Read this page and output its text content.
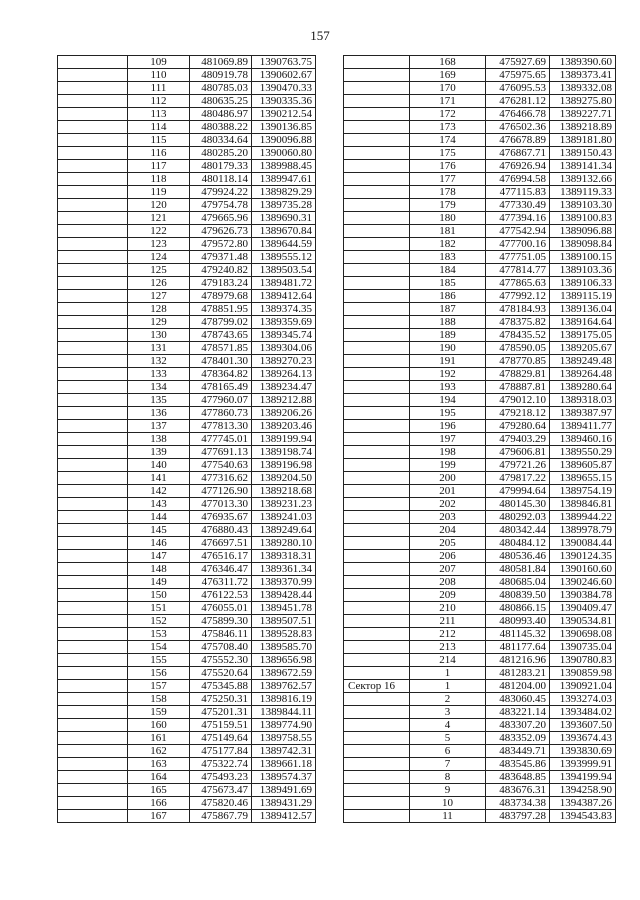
157
	109	481069.89	1390763.75
	110	480919.78	1390602.67
	111	480785.03	1390470.33
	112	480635.25	1390335.36
	113	480486.97	1390212.54
	114	480388.22	1390136.85
	115	480334.64	1390096.88
	116	480285.20	1390060.80
	117	480179.33	1389988.45
	118	480118.14	1389947.61
	119	479924.22	1389829.29
	120	479754.78	1389735.28
	121	479665.96	1389690.31
	122	479626.73	1389670.84
	123	479572.80	1389644.59
	124	479371.48	1389555.12
	125	479240.82	1389503.54
	126	479183.24	1389481.72
	127	478979.68	1389412.64
	128	478851.95	1389374.35
	129	478799.02	1389359.69
	130	478743.65	1389345.74
	131	478571.85	1389304.06
	132	478401.30	1389270.23
	133	478364.82	1389264.13
	134	478165.49	1389234.47
	135	477960.07	1389212.88
	136	477860.73	1389206.26
	137	477813.30	1389203.46
	138	477745.01	1389199.94
	139	477691.13	1389198.74
	140	477540.63	1389196.98
	141	477316.62	1389204.50
	142	477126.90	1389218.68
	143	477013.30	1389231.23
	144	476935.67	1389241.03
	145	476880.43	1389249.64
	146	476697.51	1389280.10
	147	476516.17	1389318.31
	148	476346.47	1389361.34
	149	476311.72	1389370.99
	150	476122.53	1389428.44
	151	476055.01	1389451.78
	152	475899.30	1389507.51
	153	475846.11	1389528.83
	154	475708.40	1389585.70
	155	475552.30	1389656.98
	156	475520.64	1389672.59
	157	475345.88	1389762.57
	158	475250.31	1389816.19
	159	475201.31	1389844.11
	160	475159.51	1389774.90
	161	475149.64	1389758.55
	162	475177.84	1389742.31
	163	475322.74	1389661.18
	164	475493.23	1389574.37
	165	475673.47	1389491.69
	166	475820.46	1389431.29
	167	475867.79	1389412.57
	168	475927.69	1389390.60
	169	475975.65	1389373.41
	170	476095.53	1389332.08
	171	476281.12	1389275.80
	172	476466.78	1389227.71
	173	476502.36	1389218.89
	174	476678.89	1389181.80
	175	476867.71	1389150.43
	176	476926.94	1389141.34
	177	476994.58	1389132.66
	178	477115.83	1389119.33
	179	477330.49	1389103.30
	180	477394.16	1389100.83
	181	477542.94	1389096.88
	182	477700.16	1389098.84
	183	477751.05	1389100.15
	184	477814.77	1389103.36
	185	477865.63	1389106.33
	186	477992.12	1389115.19
	187	478184.93	1389136.04
	188	478375.82	1389164.64
	189	478435.52	1389175.05
	190	478590.05	1389205.67
	191	478770.85	1389249.48
	192	478829.81	1389264.48
	193	478887.81	1389280.64
	194	479012.10	1389318.03
	195	479218.12	1389387.97
	196	479280.64	1389411.77
	197	479403.29	1389460.16
	198	479606.81	1389550.29
	199	479721.26	1389605.87
	200	479817.22	1389655.15
	201	479994.64	1389754.19
	202	480145.30	1389846.81
	203	480292.03	1389944.22
	204	480342.44	1389978.79
	205	480484.12	1390084.44
	206	480536.46	1390124.35
	207	480581.84	1390160.60
	208	480685.04	1390246.60
	209	480839.50	1390384.78
	210	480866.15	1390409.47
	211	480993.40	1390534.81
	212	481145.32	1390698.08
	213	481177.64	1390735.04
	214	481216.96	1390780.83
	1	481283.21	1390859.98
Сектор 16	1	481204.00	1390921.04
	2	483060.45	1393274.03
	3	483221.14	1393484.02
	4	483307.20	1393607.50
	5	483352.09	1393674.43
	6	483449.71	1393830.69
	7	483545.86	1393999.91
	8	483648.85	1394199.94
	9	483676.31	1394258.90
	10	483734.38	1394387.26
	11	483797.28	1394543.83
